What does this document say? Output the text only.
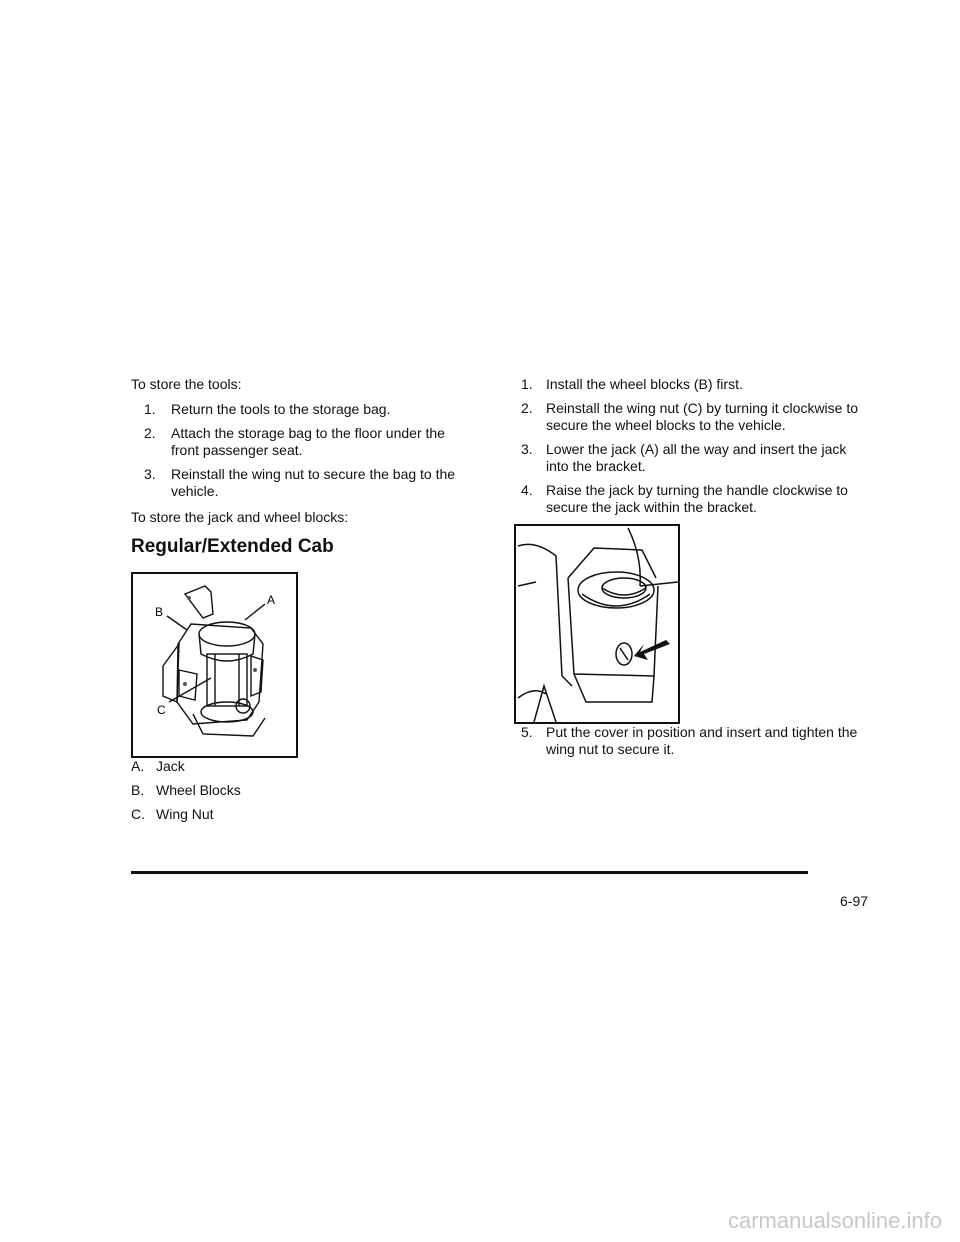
To store the tools:

1. Return the tools to the storage bag.
2. Attach the storage bag to the floor under the front passenger seat.
3. Reinstall the wing nut to secure the bag to the vehicle.

To store the jack and wheel blocks:

Regular/Extended Cab
B
A
C
A. Jack
B. Wheel Blocks
C. Wing Nut
1. Install the wheel blocks (B) first.
2. Reinstall the wing nut (C) by turning it clockwise to secure the wheel blocks to the vehicle.
3. Lower the jack (A) all the way and insert the jack into the bracket.
4. Raise the jack by turning the handle clockwise to secure the jack within the bracket.
5. Put the cover in position and insert and tighten the wing nut to secure it.
6-97
carmanualsonline.info
